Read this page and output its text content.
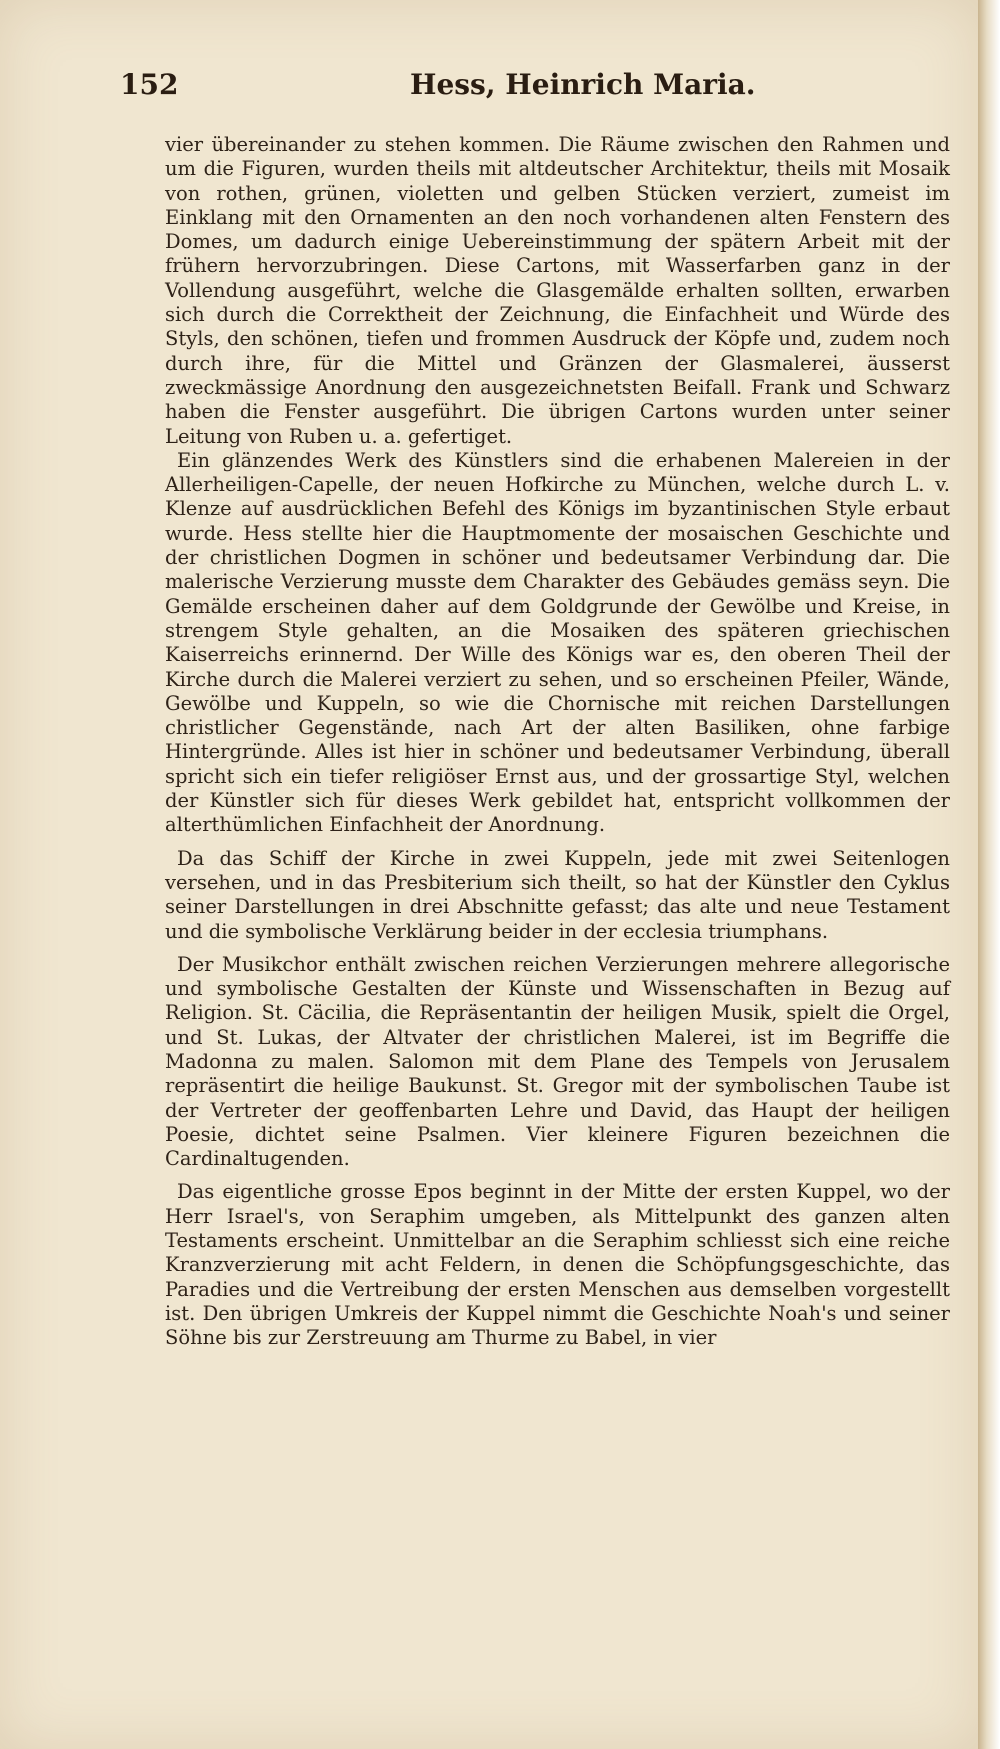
152	Hess, Heinrich Maria.

vier übereinander zu stehen kommen. Die Räume zwischen den Rahmen und um die Figuren, wurden theils mit altdeutscher Architektur, theils mit Mosaik von rothen, grünen, violetten und gelben Stücken verziert, zumeist im Einklang mit den Ornamenten an den noch vorhandenen alten Fenstern des Domes, um dadurch einige Uebereinstimmung der spätern Arbeit mit der frühern hervorzubringen. Diese Cartons, mit Wasserfarben ganz in der Vollendung ausgeführt, welche die Glasgemälde erhalten sollten, erwarben sich durch die Correktheit der Zeichnung, die Einfachheit und Würde des Styls, den schönen, tiefen und frommen Ausdruck der Köpfe und, zudem noch durch ihre, für die Mittel und Gränzen der Glasmalerei, äusserst zweckmässige Anordnung den ausgezeichnetsten Beifall. Frank und Schwarz haben die Fenster ausgeführt. Die übrigen Cartons wurden unter seiner Leitung von Ruben u. a. gefertiget.

Ein glänzendes Werk des Künstlers sind die erhabenen Malereien in der Allerheiligen-Capelle, der neuen Hofkirche zu München, welche durch L. v. Klenze auf ausdrücklichen Befehl des Königs im byzantinischen Style erbaut wurde. Hess stellte hier die Hauptmomente der mosaischen Geschichte und der christlichen Dogmen in schöner und bedeutsamer Verbindung dar. Die malerische Verzierung musste dem Charakter des Gebäudes gemäss seyn. Die Gemälde erscheinen daher auf dem Goldgrunde der Gewölbe und Kreise, in strengem Style gehalten, an die Mosaiken des späteren griechischen Kaiserreichs erinnernd. Der Wille des Königs war es, den oberen Theil der Kirche durch die Malerei verziert zu sehen, und so erscheinen Pfeiler, Wände, Gewölbe und Kuppeln, so wie die Chornische mit reichen Darstellungen christlicher Gegenstände, nach Art der alten Basiliken, ohne farbige Hintergründe. Alles ist hier in schöner und bedeutsamer Verbindung, überall spricht sich ein tiefer religiöser Ernst aus, und der grossartige Styl, welchen der Künstler sich für dieses Werk gebildet hat, entspricht vollkommen der alterthümlichen Einfachheit der Anordnung.

Da das Schiff der Kirche in zwei Kuppeln, jede mit zwei Seitenlogen versehen, und in das Presbiterium sich theilt, so hat der Künstler den Cyklus seiner Darstellungen in drei Abschnitte gefasst; das alte und neue Testament und die symbolische Verklärung beider in der ecclesia triumphans.

Der Musikchor enthält zwischen reichen Verzierungen mehrere allegorische und symbolische Gestalten der Künste und Wissenschaften in Bezug auf Religion. St. Cäcilia, die Repräsentantin der heiligen Musik, spielt die Orgel, und St. Lukas, der Altvater der christlichen Malerei, ist im Begriffe die Madonna zu malen. Salomon mit dem Plane des Tempels von Jerusalem repräsentirt die heilige Baukunst. St. Gregor mit der symbolischen Taube ist der Vertreter der geoffenbarten Lehre und David, das Haupt der heiligen Poesie, dichtet seine Psalmen. Vier kleinere Figuren bezeichnen die Cardinaltugenden.

Das eigentliche grosse Epos beginnt in der Mitte der ersten Kuppel, wo der Herr Israel's, von Seraphim umgeben, als Mittelpunkt des ganzen alten Testaments erscheint. Unmittelbar an die Seraphim schliesst sich eine reiche Kranzverzierung mit acht Feldern, in denen die Schöpfungsgeschichte, das Paradies und die Vertreibung der ersten Menschen aus demselben vorgestellt ist. Den übrigen Umkreis der Kuppel nimmt die Geschichte Noah's und seiner Söhne bis zur Zerstreuung am Thurme zu Babel, in vier
